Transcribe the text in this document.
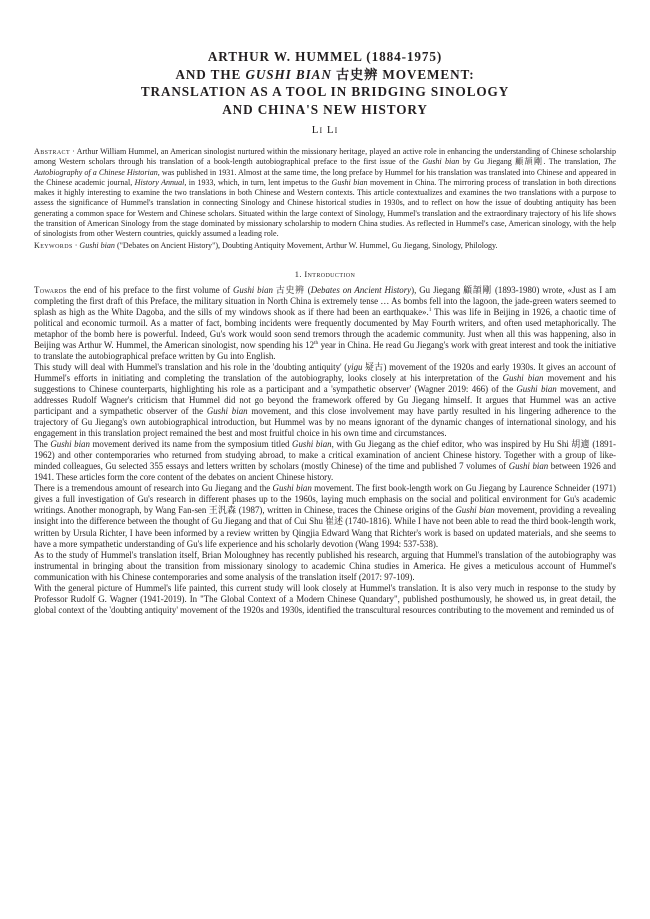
ARTHUR W. HUMMEL (1884-1975)
AND THE GUSHI BIAN 古史辨 MOVEMENT:
TRANSLATION AS A TOOL IN BRIDGING SINOLOGY
AND CHINA'S NEW HISTORY
Li Li

Abstract · Arthur William Hummel, an American sinologist nurtured within the missionary heritage, played an active role in enhancing the understanding of Chinese scholarship among Western scholars through his translation of a book-length autobiographical preface to the first issue of the Gushi bian by Gu Jiegang 顧頡剛. The translation, The Autobiography of a Chinese Historian, was published in 1931. Almost at the same time, the long preface by Hummel for his translation was translated into Chinese and appeared in the Chinese academic journal, History Annual, in 1933, which, in turn, lent impetus to the Gushi bian movement in China. The mirroring process of translation in both directions makes it highly interesting to examine the two translations in both Chinese and Western contexts. This article contextualizes and examines the two translations with a purpose to assess the significance of Hummel's translation in connecting Sinology and Chinese historical studies in 1930s, and to reflect on how the issue of doubting antiquity has been generating a common space for Western and Chinese scholars. Situated within the large context of Sinology, Hummel's translation and the extraordinary trajectory of his life shows the transition of American Sinology from the stage dominated by missionary scholarship to modern China studies. As reflected in Hummel's case, American sinology, with the help of sinologists from other Western countries, quickly assumed a leading role.

Keywords · Gushi bian ("Debates on Ancient History"), Doubting Antiquity Movement, Arthur W. Hummel, Gu Jiegang, Sinology, Philology.

1. Introduction

Towards the end of his preface to the first volume of Gushi bian 古史辨 (Debates on Ancient History), Gu Jiegang 顧頡剛 (1893-1980) wrote, «Just as I am completing the first draft of this Preface, the military situation in North China is extremely tense … As bombs fell into the lagoon, the jade-green waters seemed to splash as high as the White Dagoba, and the sills of my windows shook as if there had been an earthquake».$^1$ This was life in Beijing in 1926, a chaotic time of political and economic turmoil. As a matter of fact, bombing incidents were frequently documented by May Fourth writers, and often used metaphorically. The metaphor of the bomb here is powerful. Indeed, Gu's work would soon send tremors through the academic community. Just when all this was happening, also in Beijing was Arthur W. Hummel, the American sinologist, now spending his 12th year in China. He read Gu Jiegang's work with great interest and took the initiative to translate the autobiographical preface written by Gu into English.

This study will deal with Hummel's translation and his role in the 'doubting antiquity' (yigu 疑古) movement of the 1920s and early 1930s. It gives an account of Hummel's efforts in initiating and completing the translation of the autobiography, looks closely at his interpretation of the Gushi bian movement and his suggestions to Chinese counterparts, highlighting his role as a participant and a 'sympathetic observer' (Wagner 2019: 466) of the Gushi bian movement, and addresses Rudolf Wagner's criticism that Hummel did not go beyond the framework offered by Gu Jiegang himself. It argues that Hummel was an active participant and a sympathetic observer of the Gushi bian movement, and this close involvement may have partly resulted in his lingering adherence to the trajectory of Gu Jiegang's own autobiographical introduction, but Hummel was by no means ignorant of the dynamic changes of international sinology, and his engagement in this translation project remained the best and most fruitful choice in his own time and circumstances.

The Gushi bian movement derived its name from the symposium titled Gushi bian, with Gu Jiegang as the chief editor, who was inspired by Hu Shi 胡適 (1891-1962) and other contemporaries who returned from studying abroad, to make a critical examination of ancient Chinese history. Together with a group of like-minded colleagues, Gu selected 355 essays and letters written by scholars (mostly Chinese) of the time and published 7 volumes of Gushi bian between 1926 and 1941. These articles form the core content of the debates on ancient Chinese history.

There is a tremendous amount of research into Gu Jiegang and the Gushi bian movement. The first book-length work on Gu Jiegang by Laurence Schneider (1971) gives a full investigation of Gu's research in different phases up to the 1960s, laying much emphasis on the social and political environment for Gu's academic writings. Another monograph, by Wang Fan-sen 王汎森 (1987), written in Chinese, traces the Chinese origins of the Gushi bian movement, providing a revealing insight into the difference between the thought of Gu Jiegang and that of Cui Shu 崔述 (1740-1816). While I have not been able to read the third book-length work, written by Ursula Richter, I have been informed by a review written by Qingjia Edward Wang that Richter's work is based on updated materials, and she seems to have a more sympathetic understanding of Gu's life experience and his scholarly devotion (Wang 1994: 537-538).

As to the study of Hummel's translation itself, Brian Moloughney has recently published his research, arguing that Hummel's translation of the autobiography was instrumental in bringing about the transition from missionary sinology to academic China studies in America. He gives a meticulous account of Hummel's communication with his Chinese contemporaries and some analysis of the translation itself (2017: 97-109).

With the general picture of Hummel's life painted, this current study will look closely at Hummel's translation. It is also very much in response to the study by Professor Rudolf G. Wagner (1941-2019). In "The Global Context of a Modern Chinese Quandary", published posthumously, he showed us, in great detail, the global context of the 'doubting antiquity' movement of the 1920s and 1930s, identified the transcultural resources contributing to the movement and reminded us of
